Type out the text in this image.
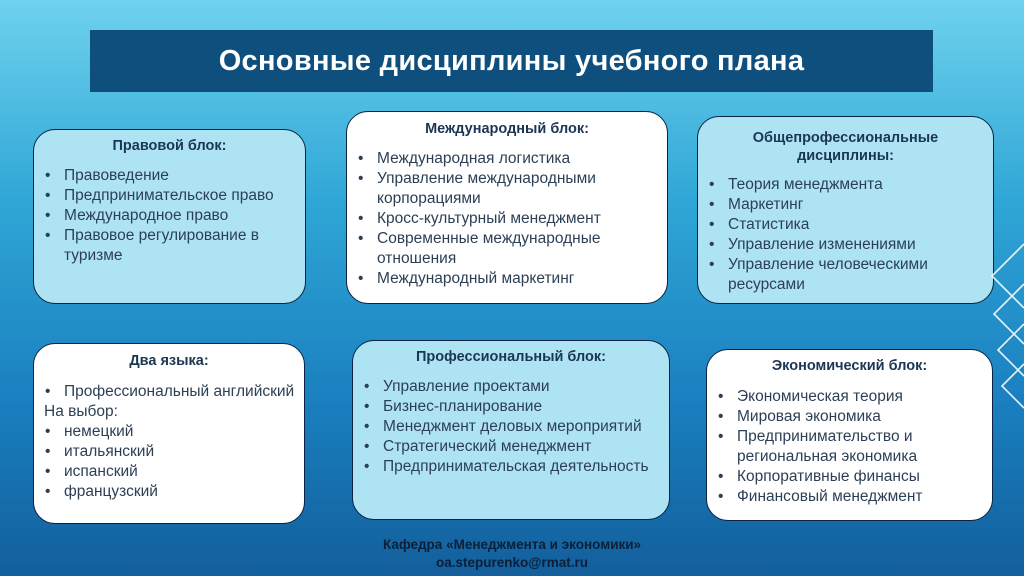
Основные дисциплины учебного плана
Правовой блок:
• Правоведение
• Предпринимательское право
• Международное право
• Правовое регулирование в туризме
Международный блок:
• Международная логистика
• Управление международными корпорациями
• Кросс-культурный менеджмент
• Современные международные отношения
• Международный маркетинг
Общепрофессиональные дисциплины:
• Теория менеджмента
• Маркетинг
• Статистика
• Управление изменениями
• Управление человеческими ресурсами
Два языка:
• Профессиональный английский
На выбор:
• немецкий
• итальянский
• испанский
• французский
Профессиональный блок:
• Управление проектами
• Бизнес-планирование
• Менеджмент деловых мероприятий
• Стратегический менеджмент
• Предпринимательская деятельность
Экономический блок:
• Экономическая теория
• Мировая экономика
• Предпринимательство и региональная экономика
• Корпоративные финансы
• Финансовый менеджмент
Кафедра «Менеджмента и экономики»
oa.stepurenko@rmat.ru
